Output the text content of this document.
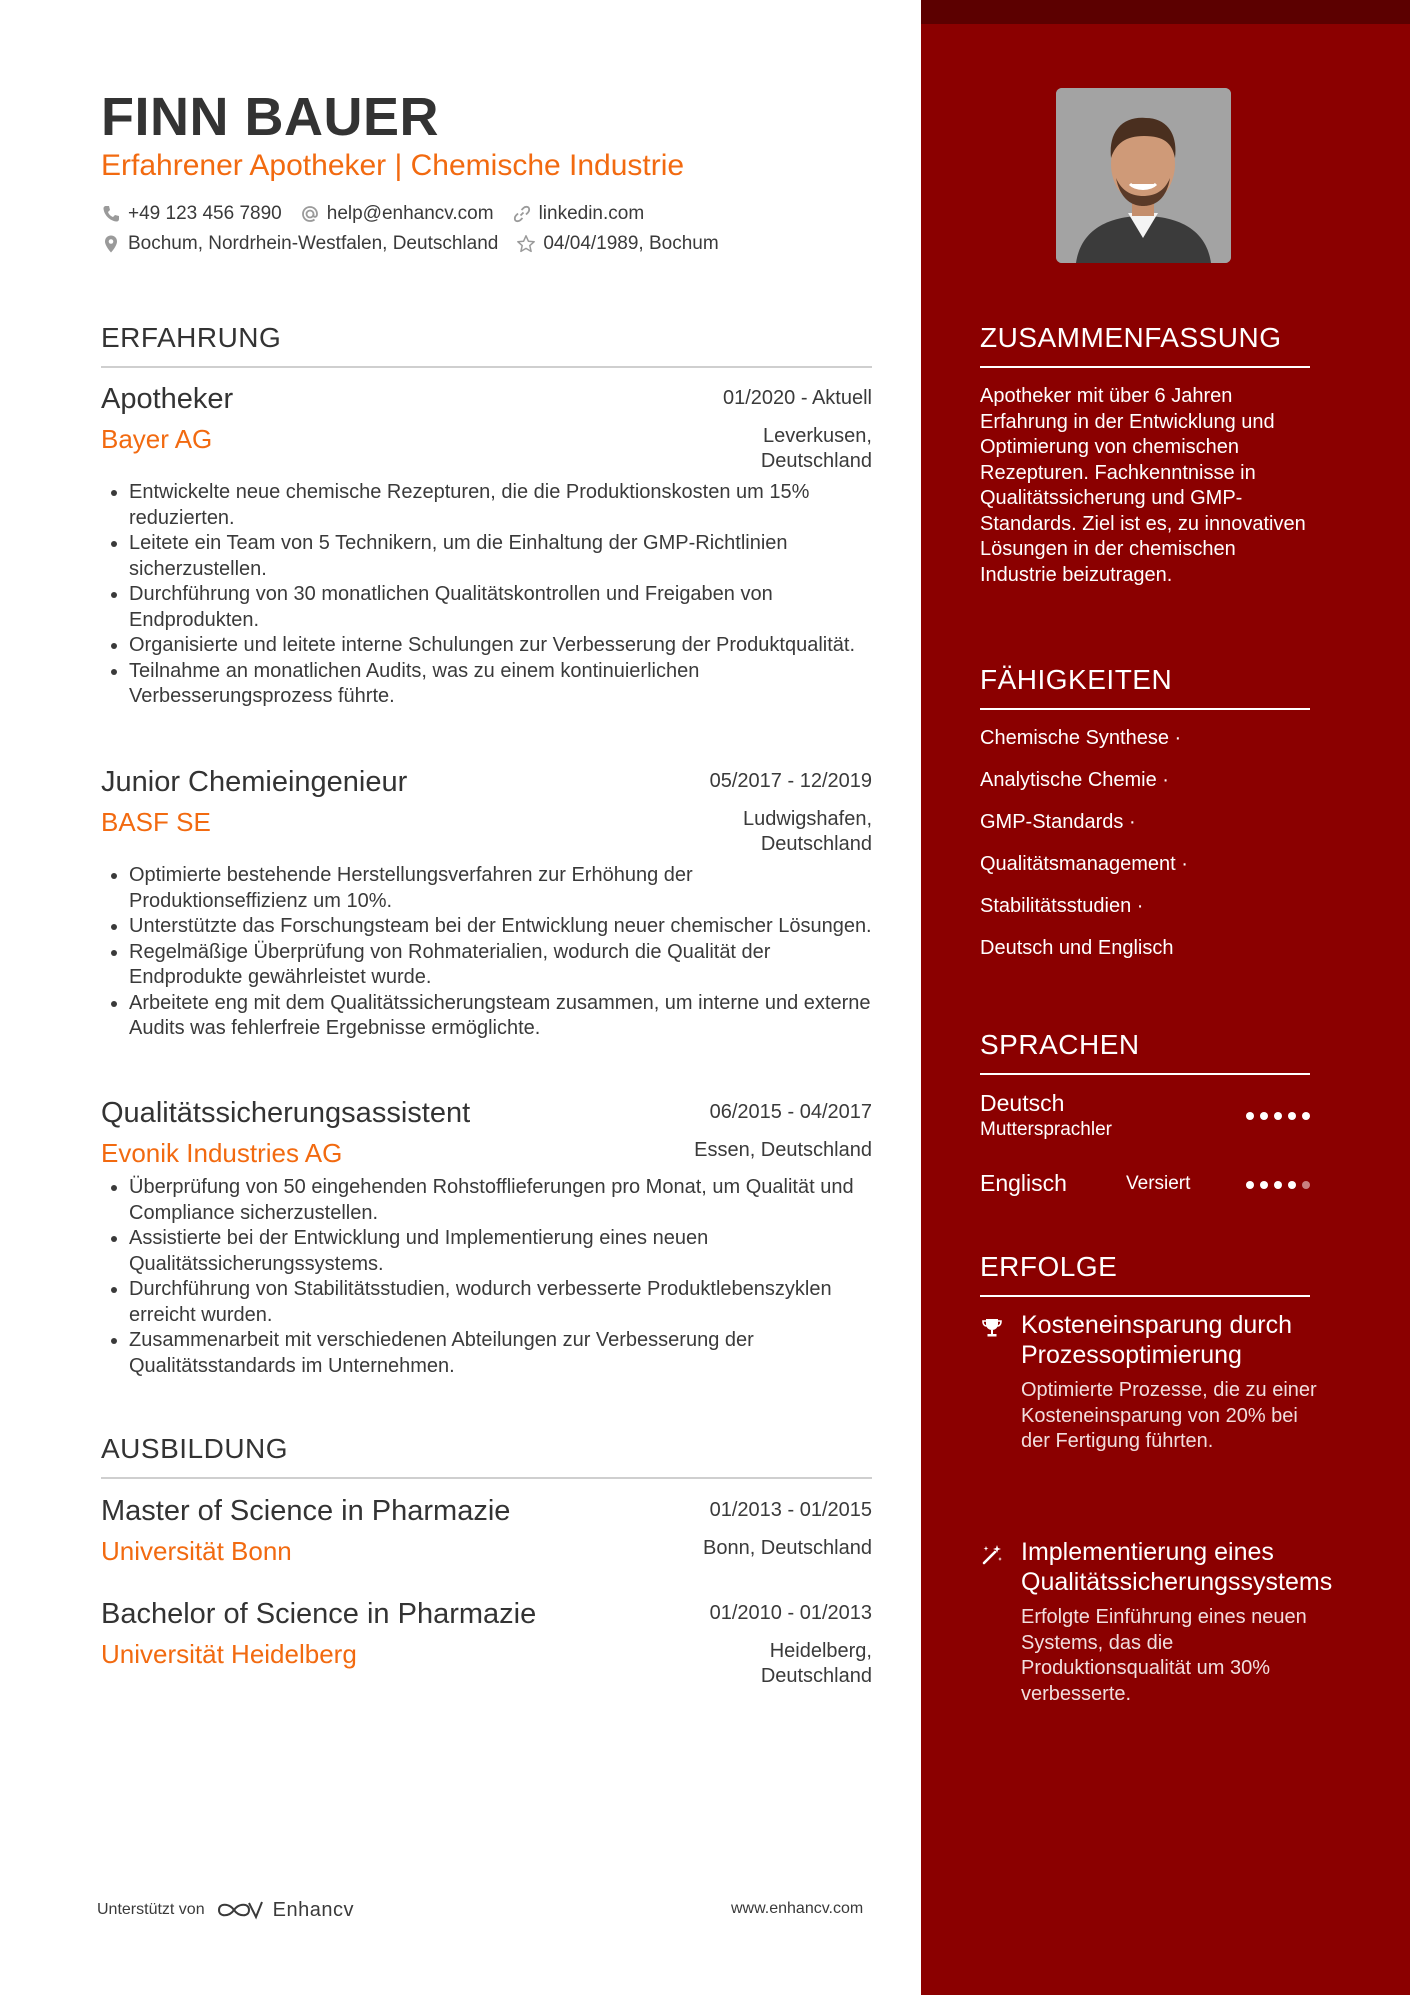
FINN BAUER
Erfahrener Apotheker | Chemische Industrie
+49 123 456 7890 help@enhancv.com linkedin.com
Bochum, Nordrhein-Westfalen, Deutschland 04/04/1989, Bochum
ERFAHRUNG
Apotheker	01/2020 - Aktuell
Bayer AG	Leverkusen, Deutschland
• Entwickelte neue chemische Rezepturen, die die Produktionskosten um 15% reduzierten.
• Leitete ein Team von 5 Technikern, um die Einhaltung der GMP-Richtlinien sicherzustellen.
• Durchführung von 30 monatlichen Qualitätskontrollen und Freigaben von Endprodukten.
• Organisierte und leitete interne Schulungen zur Verbesserung der Produktqualität.
• Teilnahme an monatlichen Audits, was zu einem kontinuierlichen Verbesserungsprozess führte.
Junior Chemieingenieur	05/2017 - 12/2019
BASF SE	Ludwigshafen, Deutschland
• Optimierte bestehende Herstellungsverfahren zur Erhöhung der Produktionseffizienz um 10%.
• Unterstützte das Forschungsteam bei der Entwicklung neuer chemischer Lösungen.
• Regelmäßige Überprüfung von Rohmaterialien, wodurch die Qualität der Endprodukte gewährleistet wurde.
• Arbeitete eng mit dem Qualitätssicherungsteam zusammen, um interne und externe Audits was fehlerfreie Ergebnisse ermöglichte.
Qualitätssicherungsassistent	06/2015 - 04/2017
Evonik Industries AG	Essen, Deutschland
• Überprüfung von 50 eingehenden Rohstofflieferungen pro Monat, um Qualität und Compliance sicherzustellen.
• Assistierte bei der Entwicklung und Implementierung eines neuen Qualitätssicherungssystems.
• Durchführung von Stabilitätsstudien, wodurch verbesserte Produktlebenszyklen erreicht wurden.
• Zusammenarbeit mit verschiedenen Abteilungen zur Verbesserung der Qualitätsstandards im Unternehmen.
AUSBILDUNG
Master of Science in Pharmazie	01/2013 - 01/2015
Universität Bonn	Bonn, Deutschland
Bachelor of Science in Pharmazie	01/2010 - 01/2013
Universität Heidelberg	Heidelberg, Deutschland
Unterstützt von	Enhancv	www.enhancv.com
ZUSAMMENFASSUNG
Apotheker mit über 6 Jahren Erfahrung in der Entwicklung und Optimierung von chemischen Rezepturen. Fachkenntnisse in Qualitätssicherung und GMP-Standards. Ziel ist es, zu innovativen Lösungen in der chemischen Industrie beizutragen.
FÄHIGKEITEN
Chemische Synthese ·
Analytische Chemie ·
GMP-Standards ·
Qualitätsmanagement ·
Stabilitätsstudien ·
Deutsch und Englisch
SPRACHEN
Deutsch
Muttersprachler
Englisch	Versiert
ERFOLGE
Kosteneinsparung durch Prozessoptimierung
Optimierte Prozesse, die zu einer Kosteneinsparung von 20% bei der Fertigung führten.
Implementierung eines Qualitätssicherungssystems
Erfolgte Einführung eines neuen Systems, das die Produktionsqualität um 30% verbesserte.
